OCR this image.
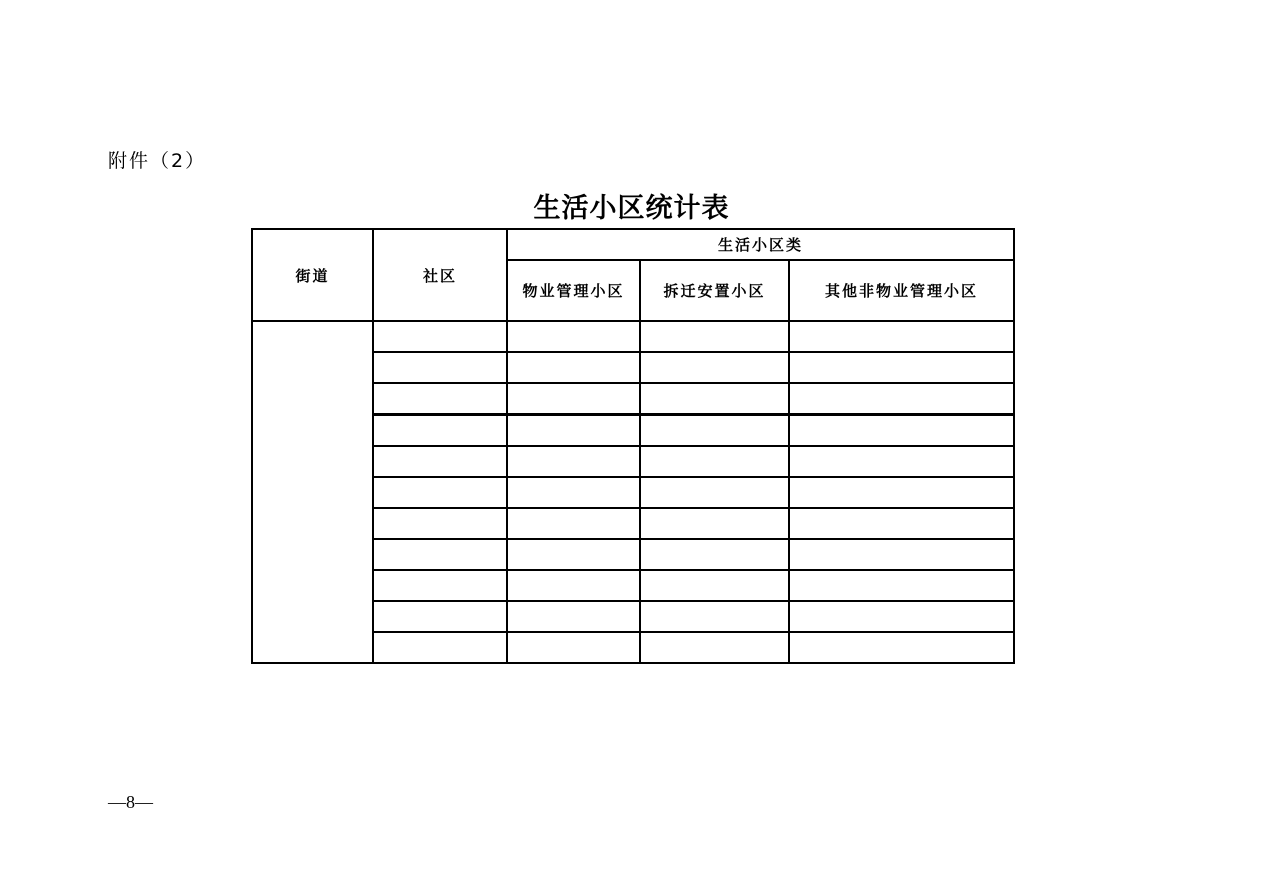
附件（2）
生活小区统计表
街道	社区	生活小区类		
		物业管理小区	拆迁安置小区	其他非物业管理小区

—8—
